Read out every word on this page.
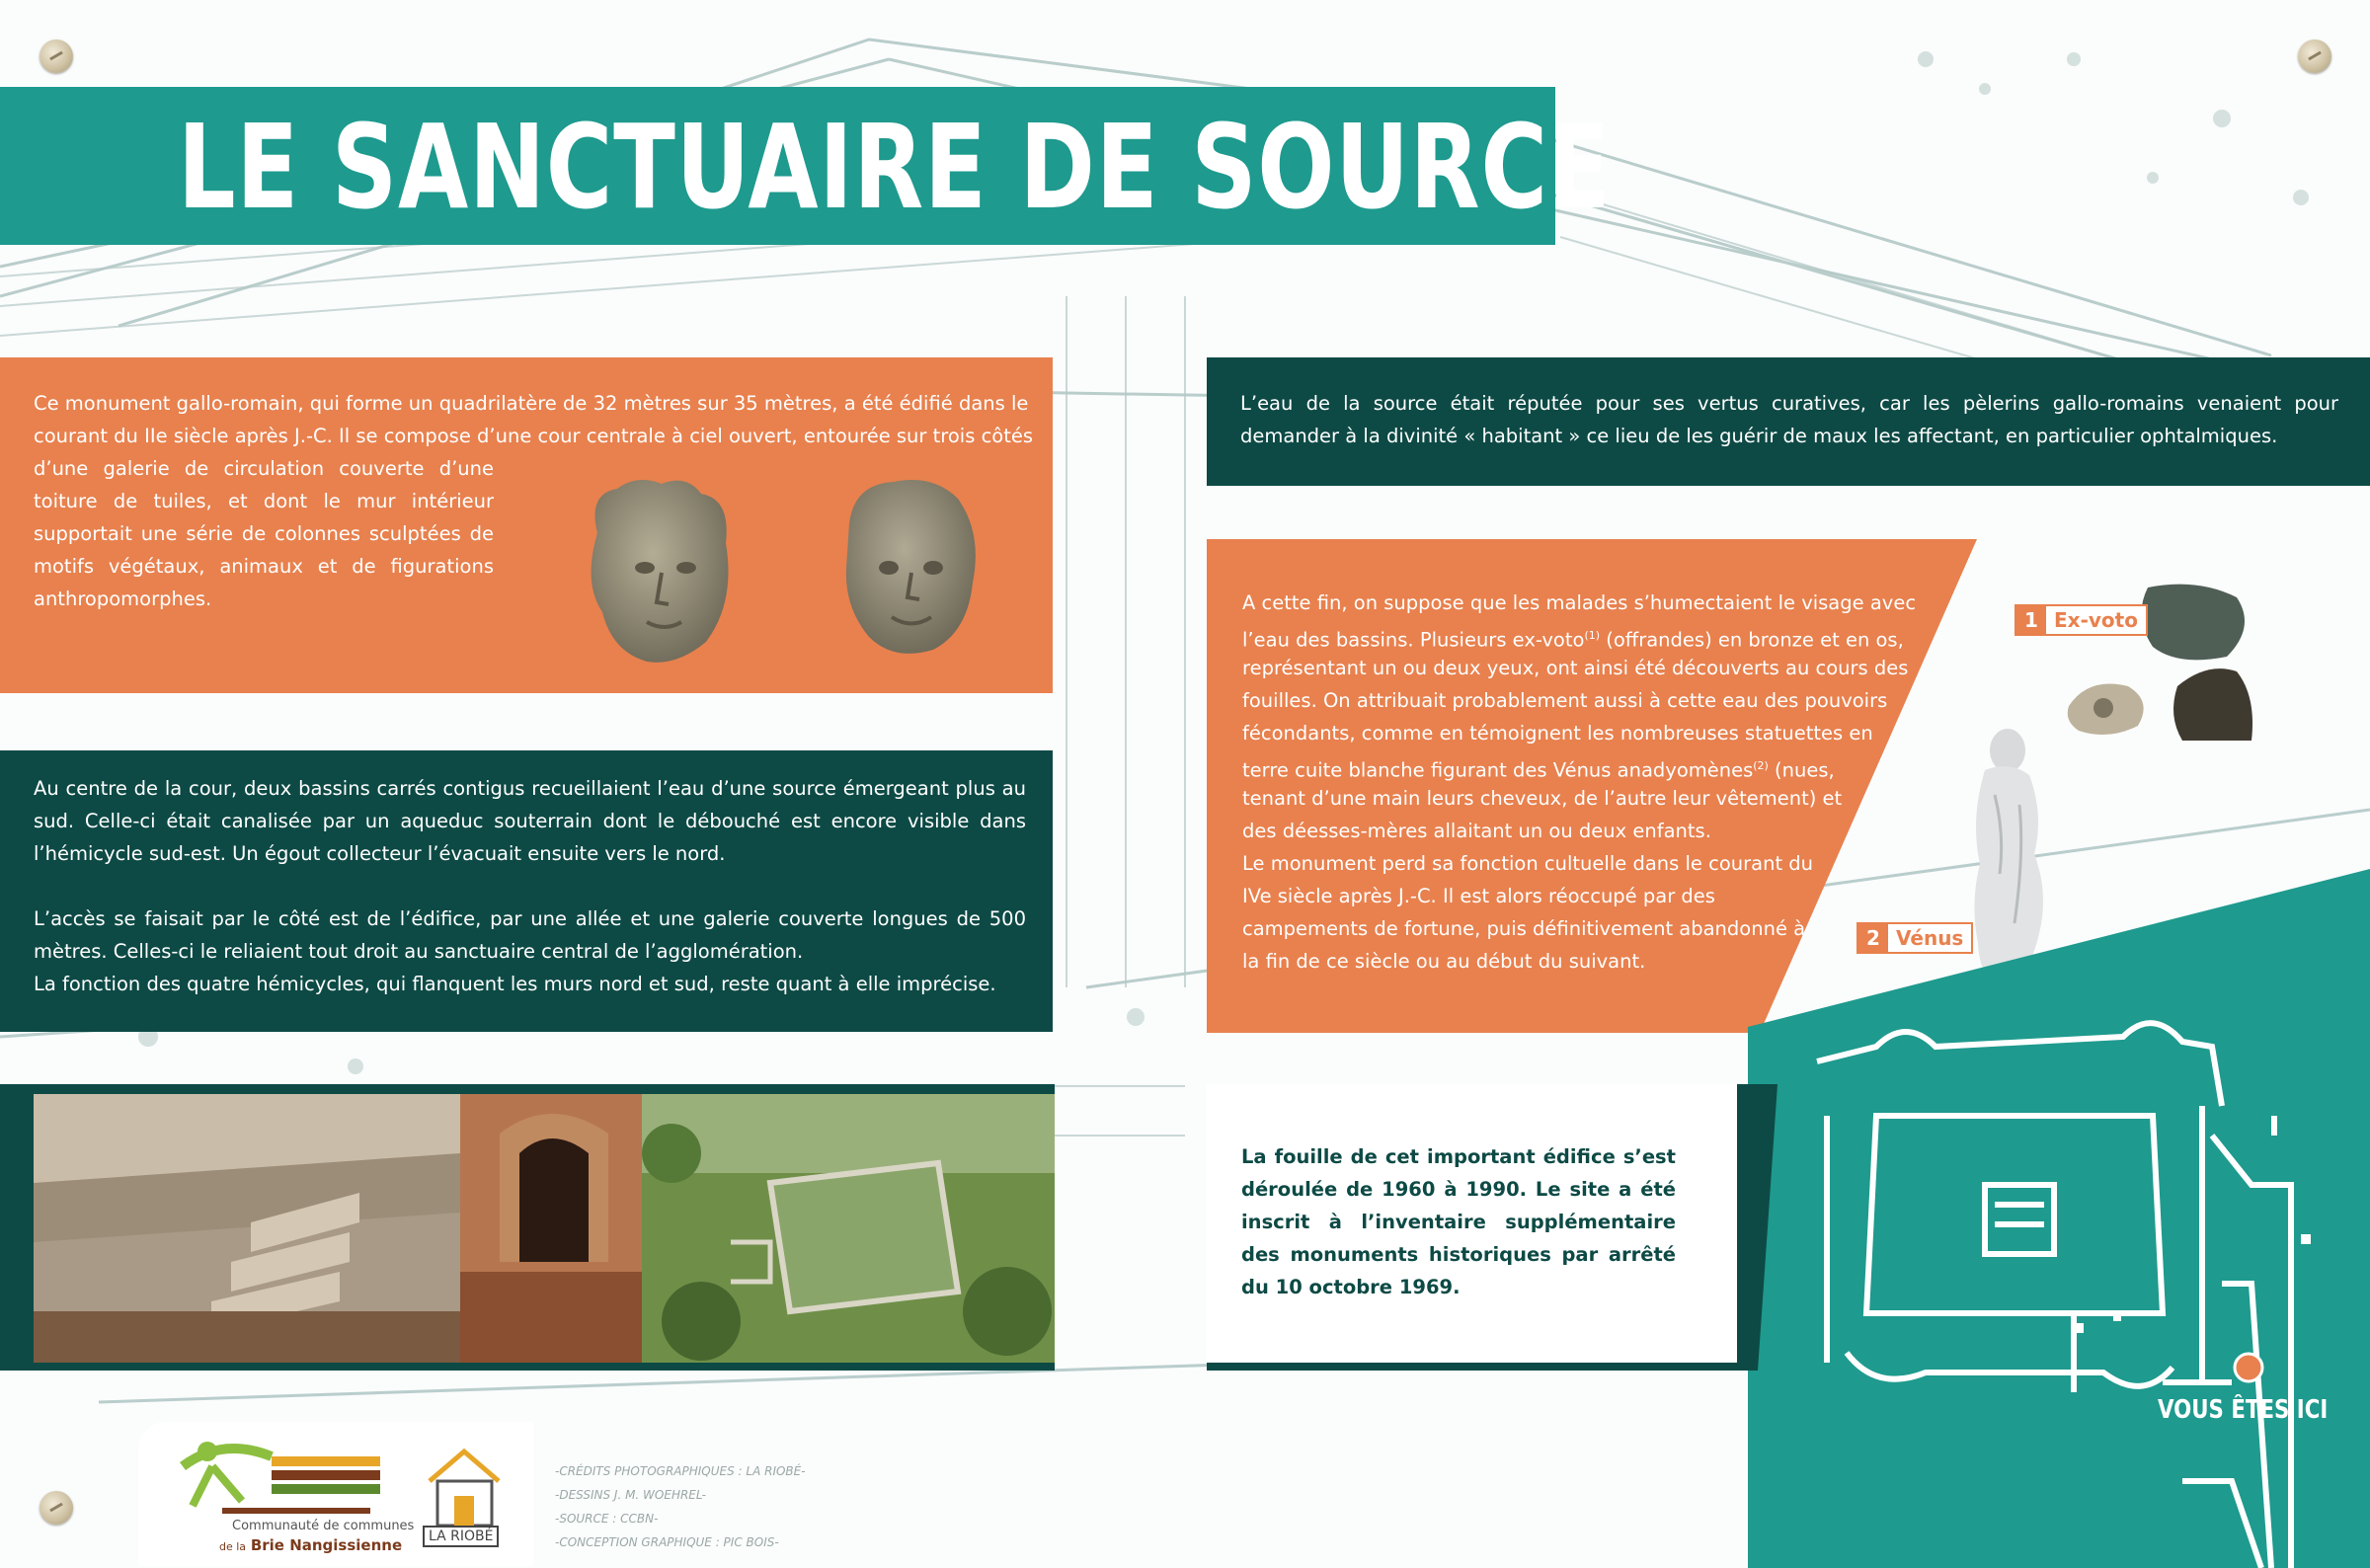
LE SANCTUAIRE DE SOURCE
Ce monument gallo-romain, qui forme un quadrilatère de 32 mètres sur 35 mètres, a été édifié dans le
courant du IIe siècle après J.-C. Il se compose d’une cour centrale à ciel ouvert, entourée sur trois côtés
d’une galerie de circulation couverte d’une toiture de tuiles, et dont le mur intérieur supportait une série de colonnes sculptées de motifs végétaux, animaux et de figurations anthropomorphes.
Au centre de la cour, deux bassins carrés contigus recueillaient l’eau d’une source émergeant plus au sud. Celle-ci était canalisée par un aqueduc souterrain dont le débouché est encore visible dans l’hémicycle sud-est. Un égout collecteur l’évacuait ensuite vers le nord.
L’accès se faisait par le côté est de l’édifice, par une allée et une galerie couverte longues de 500 mètres. Celles-ci le reliaient tout droit au sanctuaire central de l’agglomération.
La fonction des quatre hémicycles, qui flanquent les murs nord et sud, reste quant à elle imprécise.
L’eau de la source était réputée pour ses vertus curatives, car les pèlerins gallo-romains venaient pour demander à la divinité « habitant » ce lieu de les guérir de maux les affectant, en particulier ophtalmiques.
A cette fin, on suppose que les malades s’humectaient le visage avec
l’eau des bassins. Plusieurs ex-voto$^{(1)}$ (offrandes) en bronze et en os,
représentant un ou deux yeux, ont ainsi été découverts au cours des
fouilles. On attribuait probablement aussi à cette eau des pouvoirs
fécondants, comme en témoignent les nombreuses statuettes en
terre cuite blanche figurant des Vénus anadyomènes$^{(2)}$ (nues,
tenant d’une main leurs cheveux, de l’autre leur vêtement) et
des déesses-mères allaitant un ou deux enfants.
Le monument perd sa fonction cultuelle dans le courant du
IVe siècle après J.-C. Il est alors réoccupé par des
campements de fortune, puis définitivement abandonné à
la fin de ce siècle ou au début du suivant.
1 Ex-voto
2 Vénus
VOUS ÊTES ICI
La fouille de cet important édifice s’est déroulée de 1960 à 1990. Le site a été inscrit à l’inventaire supplémentaire des monuments historiques par arrêté du 10 octobre 1969.
Communauté de communes
de la Brie Nangissienne	LA RIOBÉ
-CRÉDITS PHOTOGRAPHIQUES : LA RIOBÉ-
-DESSINS J. M. WOEHREL-
-SOURCE : CCBN-
-CONCEPTION GRAPHIQUE : PIC BOIS-
